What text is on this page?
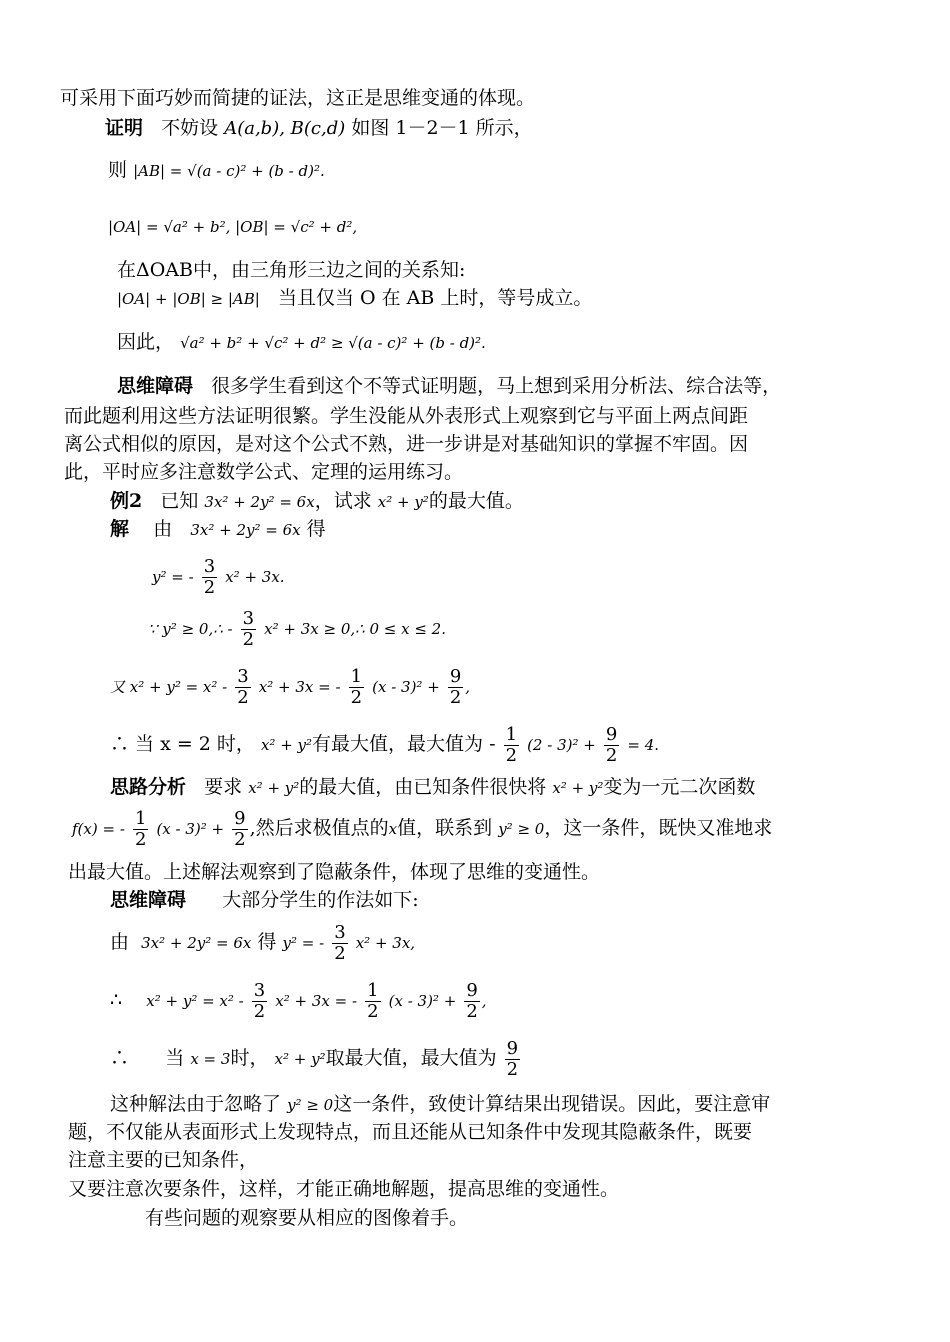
可采用下面巧妙而简捷的证法，这正是思维变通的体现。
证明 不妨设 A(a,b), B(c,d) 如图 1－2－1 所示，
则 |AB| = √(a - c)² + (b - d)².
|OA| = √a² + b², |OB| = √c² + d²,
在ΔOAB中，由三角形三边之间的关系知:
|OA| + |OB| ≥ |AB| 当且仅当 O 在 AB 上时，等号成立。
因此， √a² + b² + √c² + d² ≥ √(a - c)² + (b - d)².
思维障碍 很多学生看到这个不等式证明题，马上想到采用分析法、综合法等，
而此题利用这些方法证明很繁。学生没能从外表形式上观察到它与平面上两点间距
离公式相似的原因，是对这个公式不熟，进一步讲是对基础知识的掌握不牢固。因
此，平时应多注意数学公式、定理的运用练习。
例2 已知 3x² + 2y² = 6x，试求 x² + y²的最大值。
解 由 3x² + 2y² = 6x 得
y² = - $\frac{3}{2} x^2 + 3x$.
∵ y² ≥ 0,∴ - $\frac{3}{2} x^2 + 3x$ ≥ 0,∴ 0 ≤ x ≤ 2.
又 $x^2 + y^2 = x^2 - \frac{3}{2} x^2 + 3x$ = - $\frac{1}{2} (x - 3)^2 + \frac{9}{2}$ ,
∴ 当 x = 2 时， x² + y²有最大值，最大值为 - $\frac{1}{2} (2 - 3)^2 + \frac{9}{2} = 4$.
思路分析 要求 x² + y²的最大值，由已知条件很快将 x² + y²变为一元二次函数
f(x) = - $\frac{1}{2} (x - 3)^2 + \frac{9}{2}$ ,然后求极值点的x值，联系到 y² ≥ 0，这一条件，既快又准地求
出最大值。上述解法观察到了隐蔽条件，体现了思维的变通性。
思维障碍 大部分学生的作法如下:
由 3x² + 2y² = 6x 得 y² = - $\frac{3}{2} x^2 + 3x$,
∴ $x^2 + y^2 = x^2 - \frac{3}{2} x^2 + 3x$ = - $\frac{1}{2} (x - 3)^2 + \frac{9}{2}$ ,
∴ 当 x = 3时， x² + y²取最大值，最大值为 $\frac{9}{2}$
这种解法由于忽略了 y² ≥ 0这一条件，致使计算结果出现错误。因此，要注意审
题，不仅能从表面形式上发现特点，而且还能从已知条件中发现其隐蔽条件，既要
注意主要的已知条件，
又要注意次要条件，这样，才能正确地解题，提高思维的变通性。
有些问题的观察要从相应的图像着手。
